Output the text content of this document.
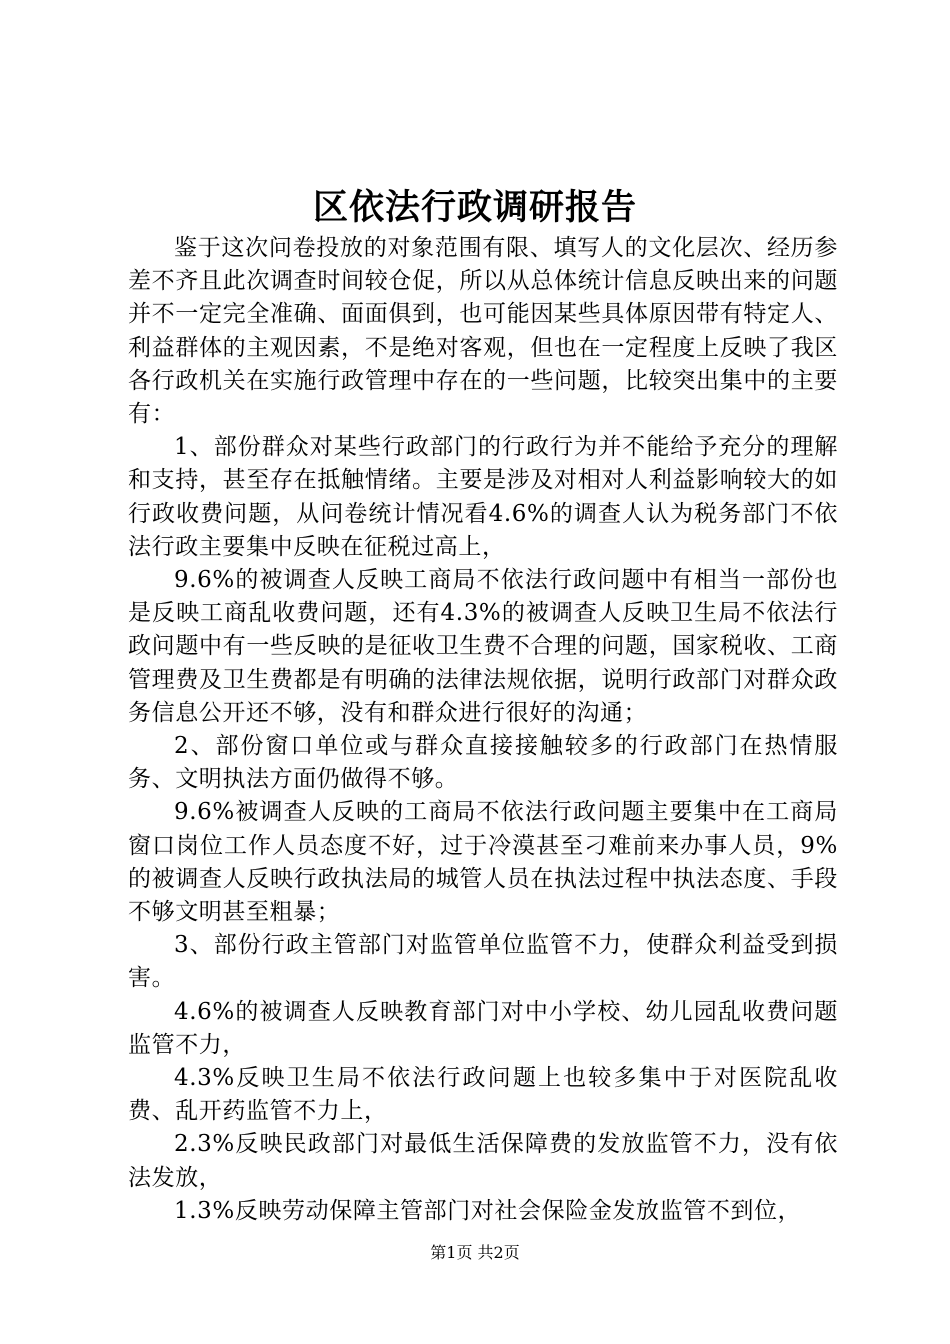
区依法行政调研报告

鉴于这次问卷投放的对象范围有限、填写人的文化层次、经历参差不齐且此次调查时间较仓促，所以从总体统计信息反映出来的问题并不一定完全准确、面面俱到，也可能因某些具体原因带有特定人、利益群体的主观因素，不是绝对客观，但也在一定程度上反映了我区各行政机关在实施行政管理中存在的一些问题，比较突出集中的主要有：

1、部份群众对某些行政部门的行政行为并不能给予充分的理解和支持，甚至存在抵触情绪。主要是涉及对相对人利益影响较大的如行政收费问题，从问卷统计情况看4.6%的调查人认为税务部门不依法行政主要集中反映在征税过高上，

9.6%的被调查人反映工商局不依法行政问题中有相当一部份也是反映工商乱收费问题，还有4.3%的被调查人反映卫生局不依法行政问题中有一些反映的是征收卫生费不合理的问题，国家税收、工商管理费及卫生费都是有明确的法律法规依据，说明行政部门对群众政务信息公开还不够，没有和群众进行很好的沟通；

2、部份窗口单位或与群众直接接触较多的行政部门在热情服务、文明执法方面仍做得不够。

9.6%被调查人反映的工商局不依法行政问题主要集中在工商局窗口岗位工作人员态度不好，过于冷漠甚至刁难前来办事人员，9%的被调查人反映行政执法局的城管人员在执法过程中执法态度、手段不够文明甚至粗暴；

3、部份行政主管部门对监管单位监管不力，使群众利益受到损害。

4.6%的被调查人反映教育部门对中小学校、幼儿园乱收费问题监管不力，

4.3%反映卫生局不依法行政问题上也较多集中于对医院乱收费、乱开药监管不力上，

2.3%反映民政部门对最低生活保障费的发放监管不力，没有依法发放，

1.3%反映劳动保障主管部门对社会保险金发放监管不到位，

第1页 共2页
